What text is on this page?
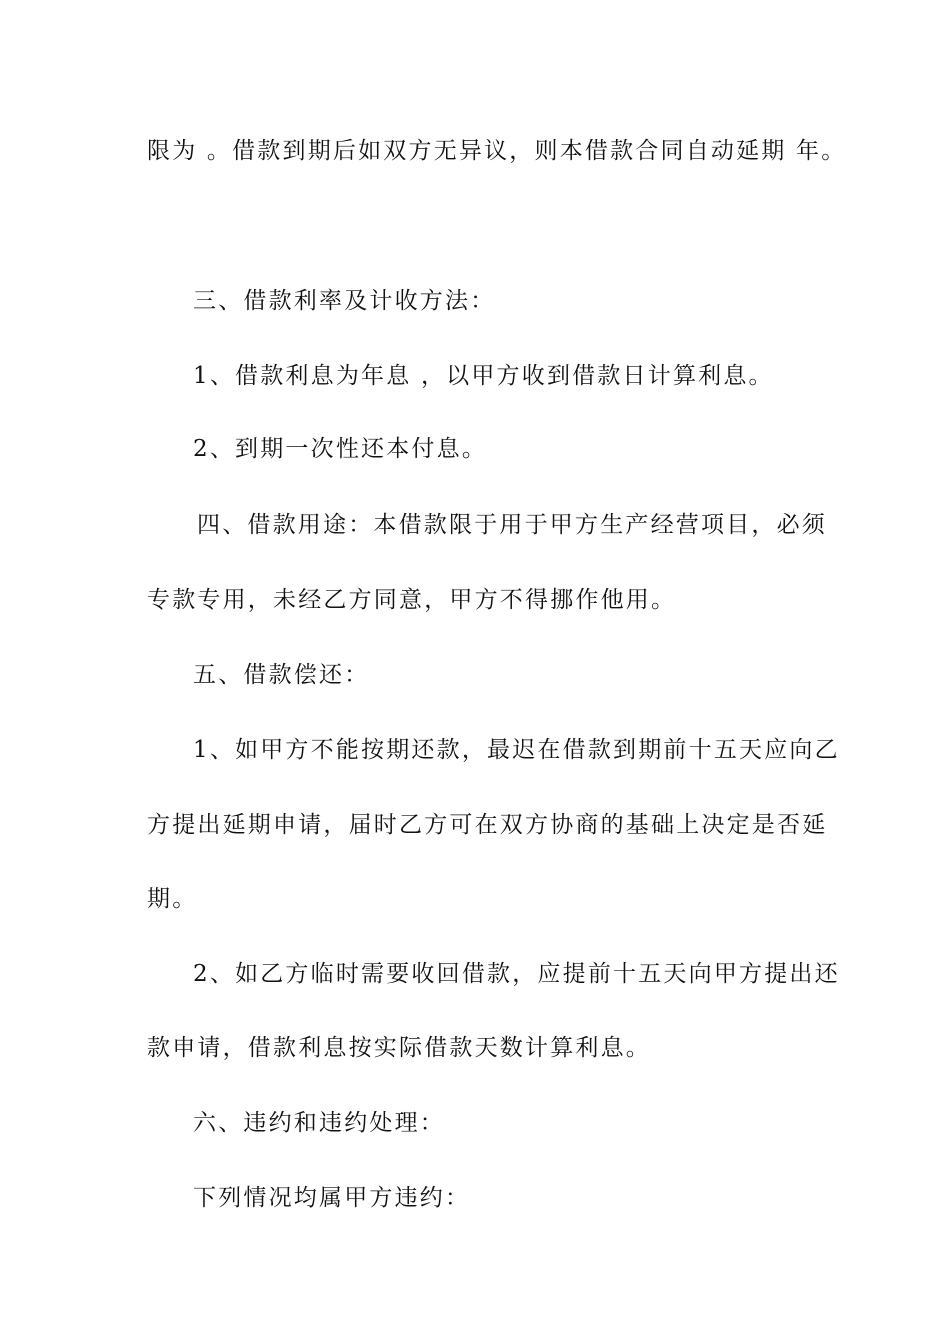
限为 。借款到期后如双方无异议，则本借款合同自动延期 年。
三、借款利率及计收方法：
1、借款利息为年息 ，以甲方收到借款日计算利息。
2、到期一次性还本付息。
四、借款用途：本借款限于用于甲方生产经营项目，必须
专款专用，未经乙方同意，甲方不得挪作他用。
五、借款偿还：
1、如甲方不能按期还款，最迟在借款到期前十五天应向乙
方提出延期申请，届时乙方可在双方协商的基础上决定是否延
期。
2、如乙方临时需要收回借款，应提前十五天向甲方提出还
款申请，借款利息按实际借款天数计算利息。
六、违约和违约处理：
下列情况均属甲方违约：
